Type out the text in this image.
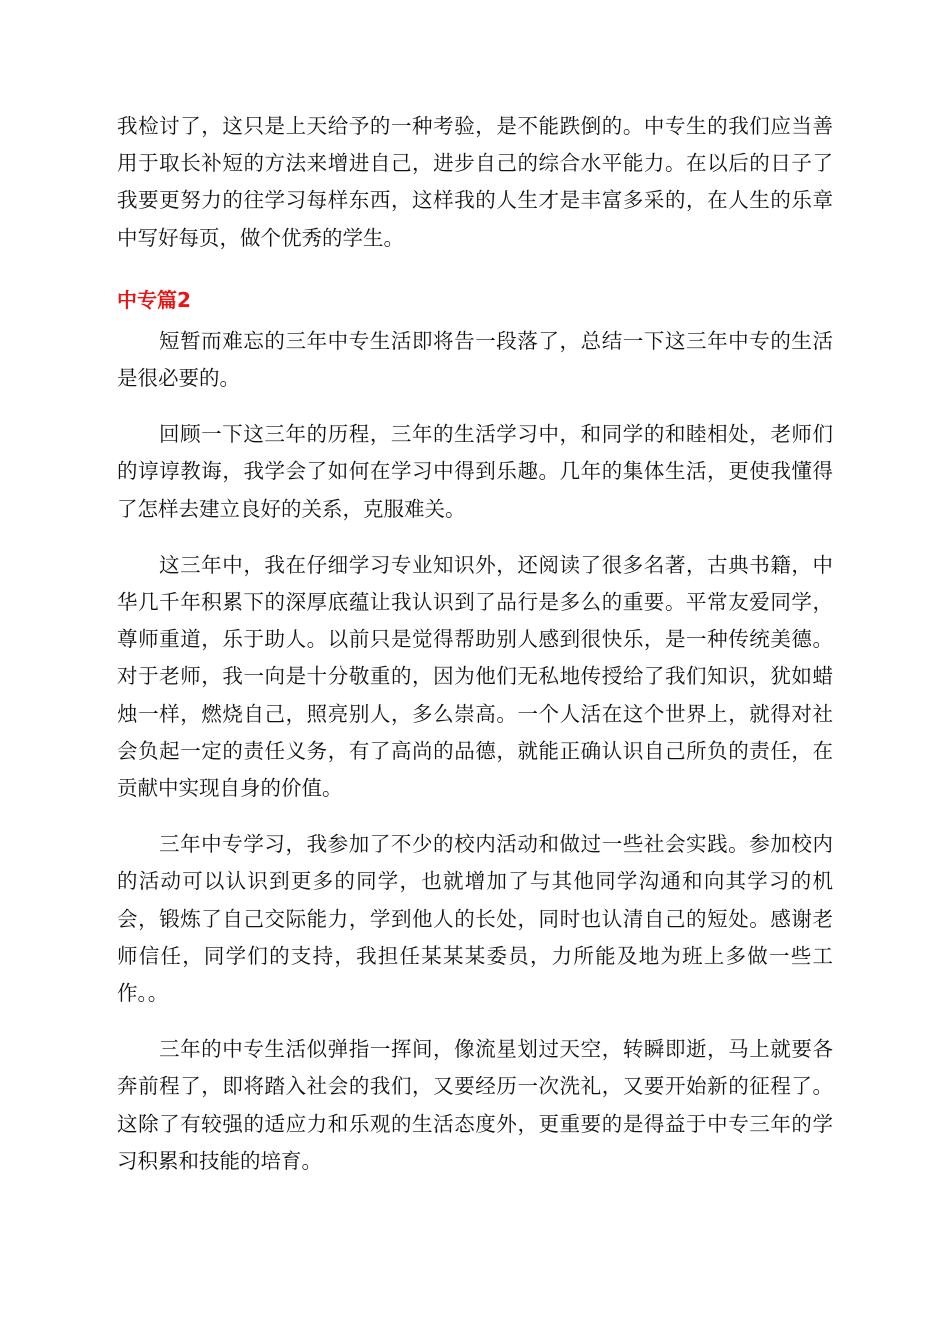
我检讨了，这只是上天给予的一种考验，是不能跌倒的。中专生的我们应当善用于取长补短的方法来增进自己，进步自己的综合水平能力。在以后的日子了我要更努力的往学习每样东西，这样我的人生才是丰富多采的，在人生的乐章中写好每页，做个优秀的学生。

中专篇2

短暂而难忘的三年中专生活即将告一段落了，总结一下这三年中专的生活是很必要的。

回顾一下这三年的历程，三年的生活学习中，和同学的和睦相处，老师们的谆谆教诲，我学会了如何在学习中得到乐趣。几年的集体生活，更使我懂得了怎样去建立良好的关系，克服难关。

这三年中，我在仔细学习专业知识外，还阅读了很多名著，古典书籍，中华几千年积累下的深厚底蕴让我认识到了品行是多么的重要。平常友爱同学，尊师重道，乐于助人。以前只是觉得帮助别人感到很快乐，是一种传统美德。对于老师，我一向是十分敬重的，因为他们无私地传授给了我们知识，犹如蜡烛一样，燃烧自己，照亮别人，多么崇高。一个人活在这个世界上，就得对社会负起一定的责任义务，有了高尚的品德，就能正确认识自己所负的责任，在贡献中实现自身的价值。

三年中专学习，我参加了不少的校内活动和做过一些社会实践。参加校内的活动可以认识到更多的同学，也就增加了与其他同学沟通和向其学习的机会，锻炼了自己交际能力，学到他人的长处，同时也认清自己的短处。感谢老师信任，同学们的支持，我担任某某某委员，力所能及地为班上多做一些工作。。

三年的中专生活似弹指一挥间，像流星划过天空，转瞬即逝，马上就要各奔前程了，即将踏入社会的我们，又要经历一次洗礼，又要开始新的征程了。这除了有较强的适应力和乐观的生活态度外，更重要的是得益于中专三年的学习积累和技能的培育。
